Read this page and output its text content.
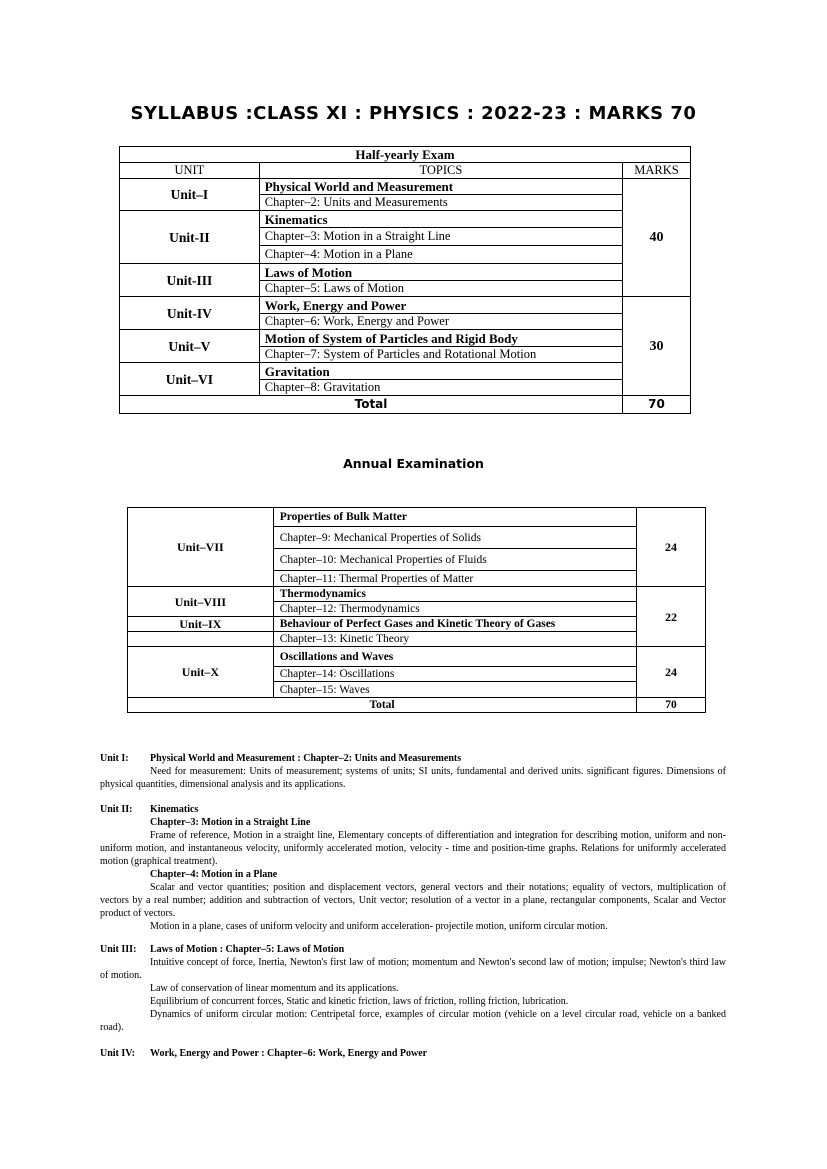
SYLLABUS :CLASS XI : PHYSICS : 2022-23 : MARKS 70
Half-yearly Exam		
UNIT	TOPICS	MARKS
Unit–I	Physical World and Measurement	40
	Chapter–2: Units and Measurements	
Unit-II	Kinematics	
	Chapter–3: Motion in a Straight Line	
	Chapter–4: Motion in a Plane	
Unit-III	Laws of Motion	
	Chapter–5: Laws of Motion	
Unit-IV	Work, Energy and Power	30
	Chapter–6: Work, Energy and Power	
Unit–V	Motion of System of Particles and Rigid Body	
	Chapter–7: System of Particles and Rotational Motion	
Unit–VI	Gravitation	
	Chapter–8: Gravitation	
Total		70
Annual Examination
Unit–VII	Properties of Bulk Matter	24
	Chapter–9: Mechanical Properties of Solids	
	Chapter–10: Mechanical Properties of Fluids	
	Chapter–11: Thermal Properties of Matter	
Unit–VIII	Thermodynamics	22
	Chapter–12: Thermodynamics	
Unit–IX	Behaviour of Perfect Gases and Kinetic Theory of Gases	
	Chapter–13: Kinetic Theory	
Unit–X	Oscillations and Waves	24
	Chapter–14: Oscillations	
	Chapter–15: Waves	
Total		70

Unit I: Physical World and Measurement : Chapter–2: Units and Measurements

Need for measurement: Units of measurement; systems of units; SI units, fundamental and derived units. significant figures. Dimensions of physical quantities, dimensional analysis and its applications.

Unit II: Kinematics

Chapter–3: Motion in a Straight Line

Frame of reference, Motion in a straight line, Elementary concepts of differentiation and integration for describing motion, uniform and non- uniform motion, and instantaneous velocity, uniformly accelerated motion, velocity - time and position-time graphs. Relations for uniformly accelerated motion (graphical treatment).

Chapter–4: Motion in a Plane

Scalar and vector quantities; position and displacement vectors, general vectors and their notations; equality of vectors, multiplication of vectors by a real number; addition and subtraction of vectors, Unit vector; resolution of a vector in a plane, rectangular components, Scalar and Vector product of vectors.

Motion in a plane, cases of uniform velocity and uniform acceleration- projectile motion, uniform circular motion.

Unit III: Laws of Motion : Chapter–5: Laws of Motion

Intuitive concept of force, Inertia, Newton's first law of motion; momentum and Newton's second law of motion; impulse; Newton's third law of motion.

Law of conservation of linear momentum and its applications.

Equilibrium of concurrent forces, Static and kinetic friction, laws of friction, rolling friction, lubrication.

Dynamics of uniform circular motion: Centripetal force, examples of circular motion (vehicle on a level circular road, vehicle on a banked road).

Unit IV: Work, Energy and Power : Chapter–6: Work, Energy and Power
